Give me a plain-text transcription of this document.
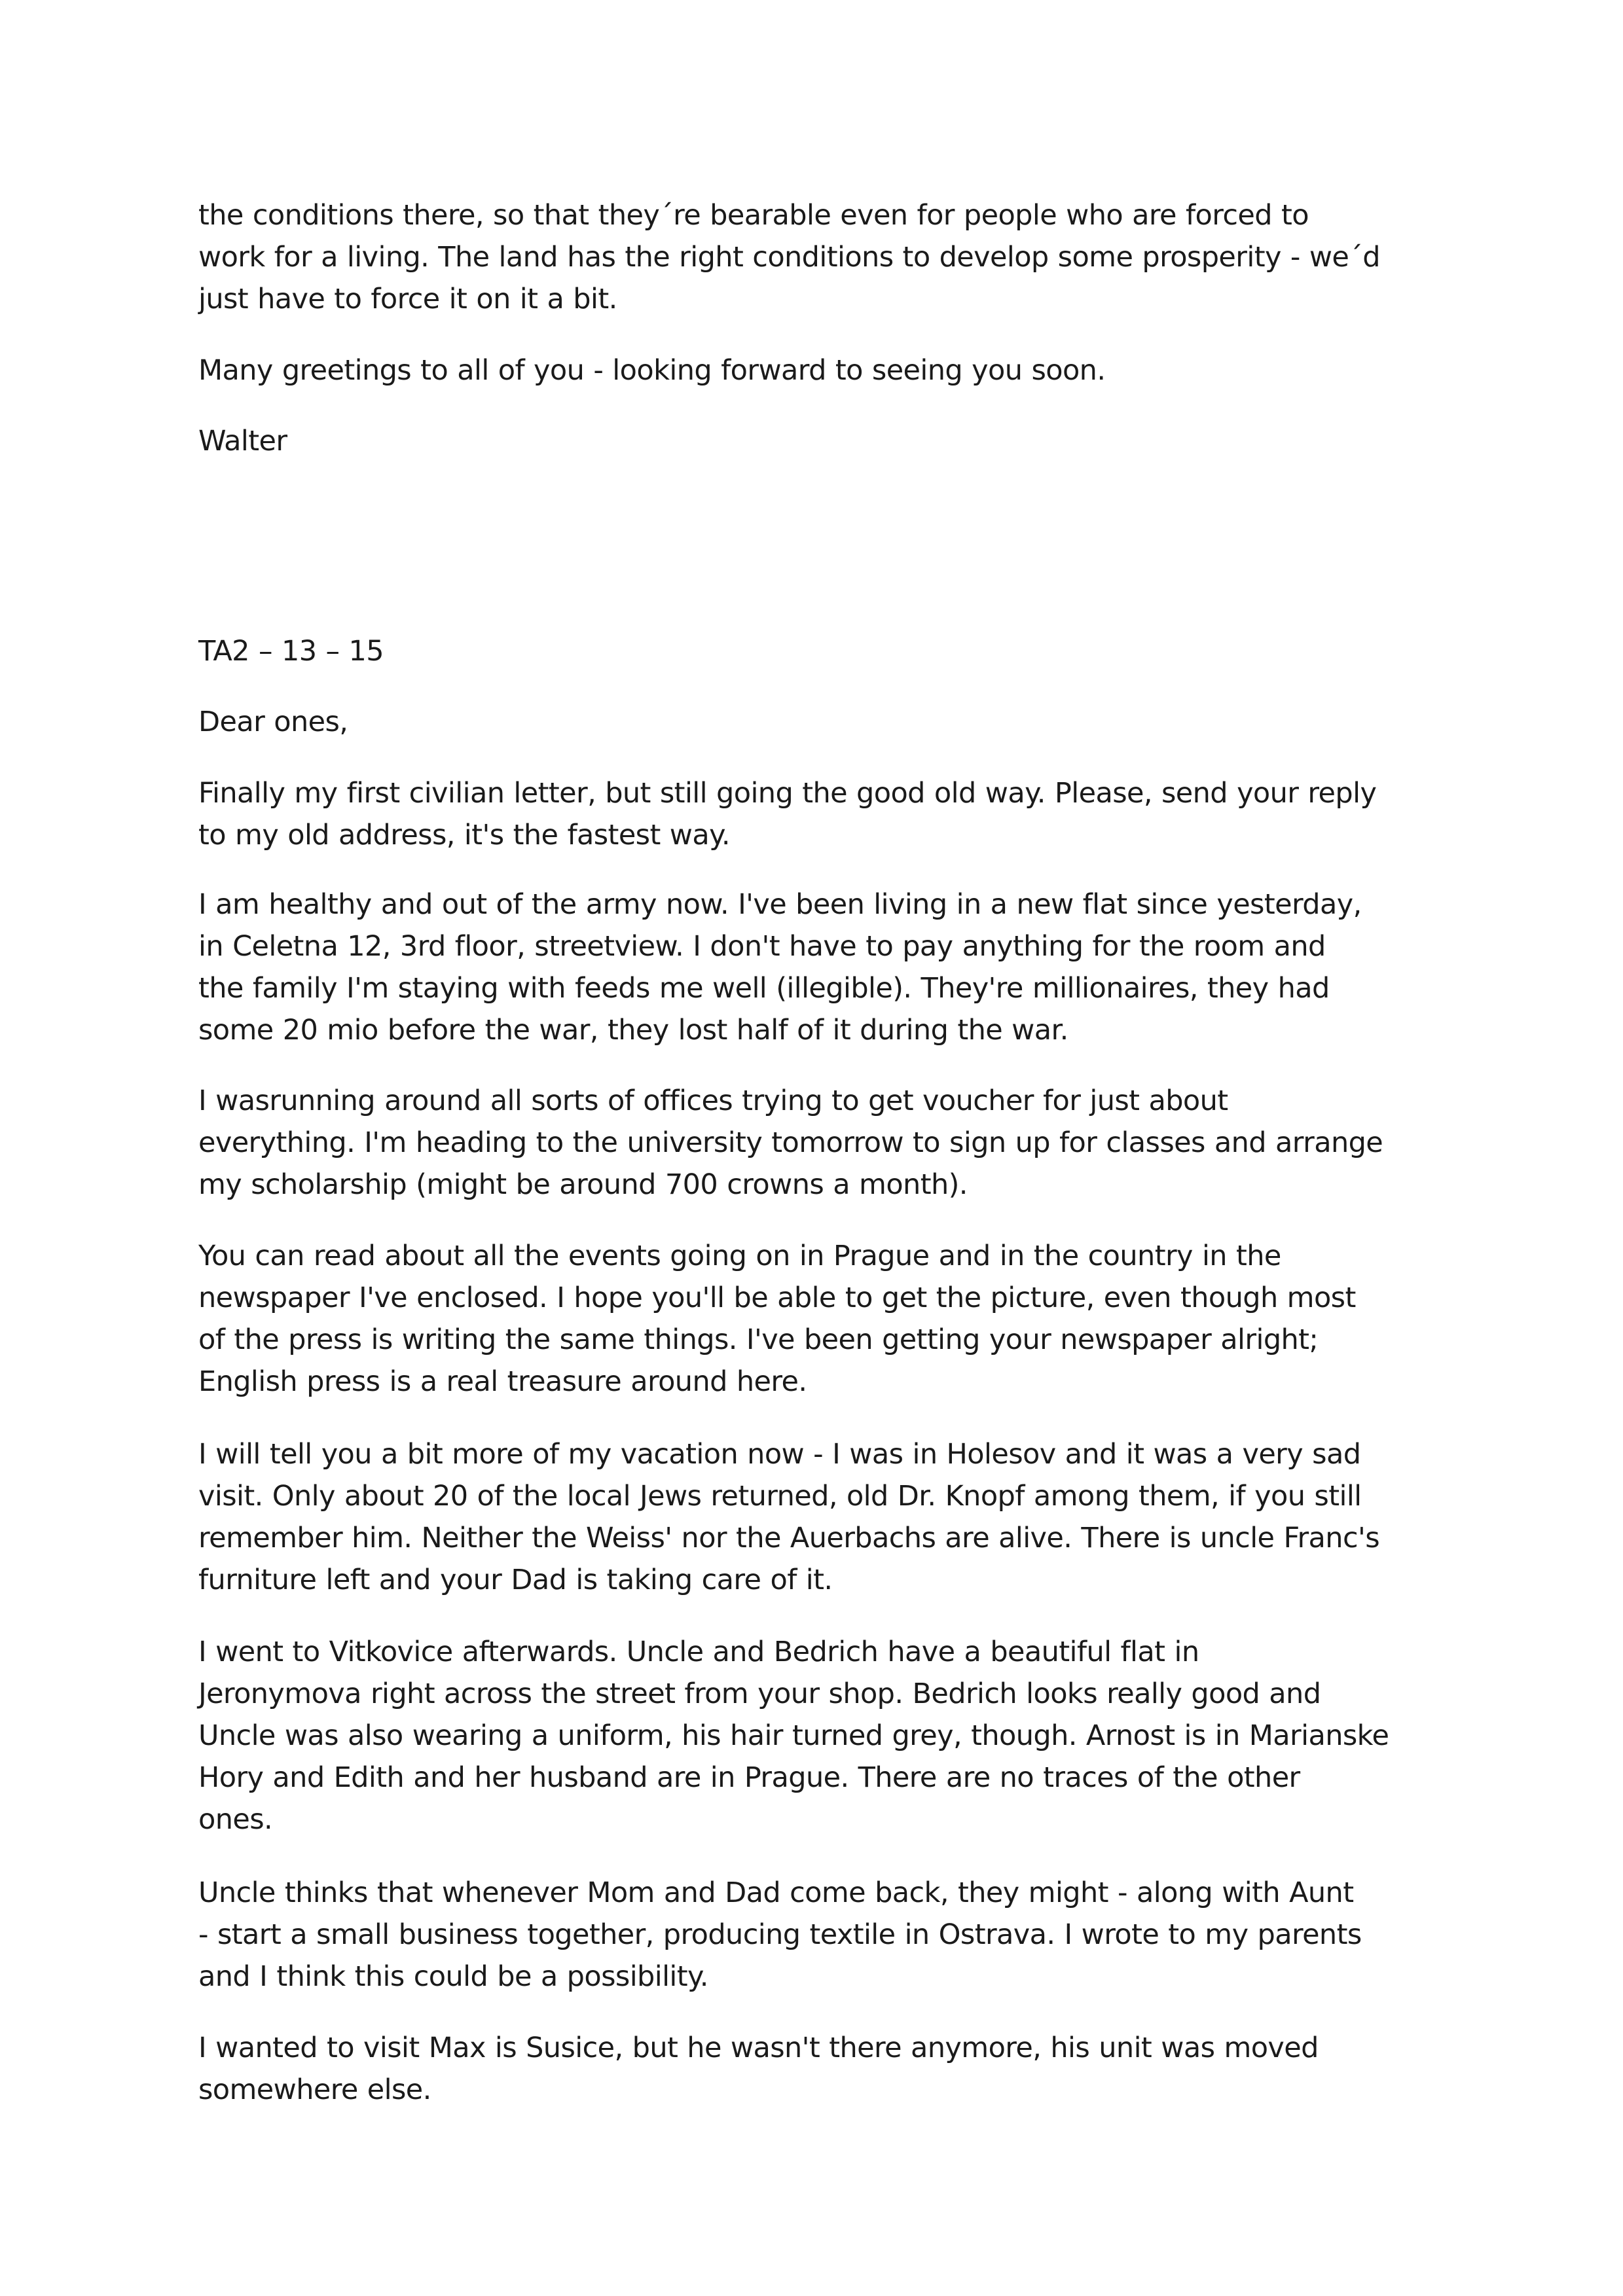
the conditions there, so that they´re bearable even for people who are forced to
work for a living. The land has the right conditions to develop some prosperity - we´d
just have to force it on it a bit.

Many greetings to all of you - looking forward to seeing you soon.

Walter

TA2 – 13 – 15

Dear ones,

Finally my first civilian letter, but still going the good old way. Please, send your reply
to my old address, it's the fastest way.

I am healthy and out of the army now. I've been living in a new flat since yesterday,
in Celetna 12, 3rd floor, streetview. I don't have to pay anything for the room and
the family I'm staying with feeds me well (illegible). They're millionaires, they had
some 20 mio before the war, they lost half of it during the war.

I wasrunning around all sorts of offices trying to get voucher for just about
everything. I'm heading to the university tomorrow to sign up for classes and arrange
my scholarship (might be around 700 crowns a month).

You can read about all the events going on in Prague and in the country in the
newspaper I've enclosed. I hope you'll be able to get the picture, even though most
of the press is writing the same things. I've been getting your newspaper alright;
English press is a real treasure around here.

I will tell you a bit more of my vacation now - I was in Holesov and it was a very sad
visit. Only about 20 of the local Jews returned, old Dr. Knopf among them, if you still
remember him. Neither the Weiss' nor the Auerbachs are alive. There is uncle Franc's
furniture left and your Dad is taking care of it.

I went to Vitkovice afterwards. Uncle and Bedrich have a beautiful flat in
Jeronymova right across the street from your shop. Bedrich looks really good and
Uncle was also wearing a uniform, his hair turned grey, though. Arnost is in Marianske
Hory and Edith and her husband are in Prague. There are no traces of the other
ones.

Uncle thinks that whenever Mom and Dad come back, they might - along with Aunt
- start a small business together, producing textile in Ostrava. I wrote to my parents
and I think this could be a possibility.

I wanted to visit Max is Susice, but he wasn't there anymore, his unit was moved
somewhere else.
